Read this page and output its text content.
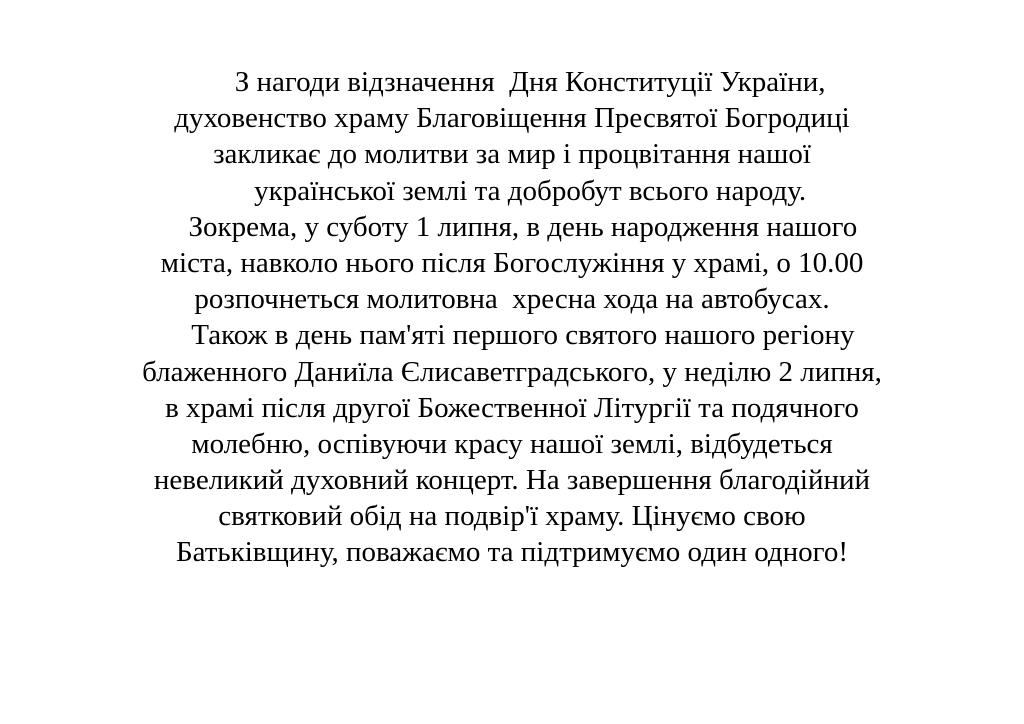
З нагоди відзначення  Дня Конституції України,
духовенство храму Благовіщення Пресвятої Богродиці
закликає до молитви за мир і процвітання нашої
української землі та добробут всього народу.
Зокрема, у суботу 1 липня, в день народження нашого
міста, навколо нього після Богослужіння у храмі, о 10.00
розпочнеться молитовна  хресна хода на автобусах.
Також в день пам'яті першого святого нашого регіону
блаженного Даниїла Єлисаветградського, у неділю 2 липня,
в храмі після другої Божественної Літургії та подячного
молебню, оспівуючи красу нашої землі, відбудеться
невеликий духовний концерт. На завершення благодійний
святковий обід на подвір'ї храму. Цінуємо свою
Батьківщину, поважаємо та підтримуємо один одного!
